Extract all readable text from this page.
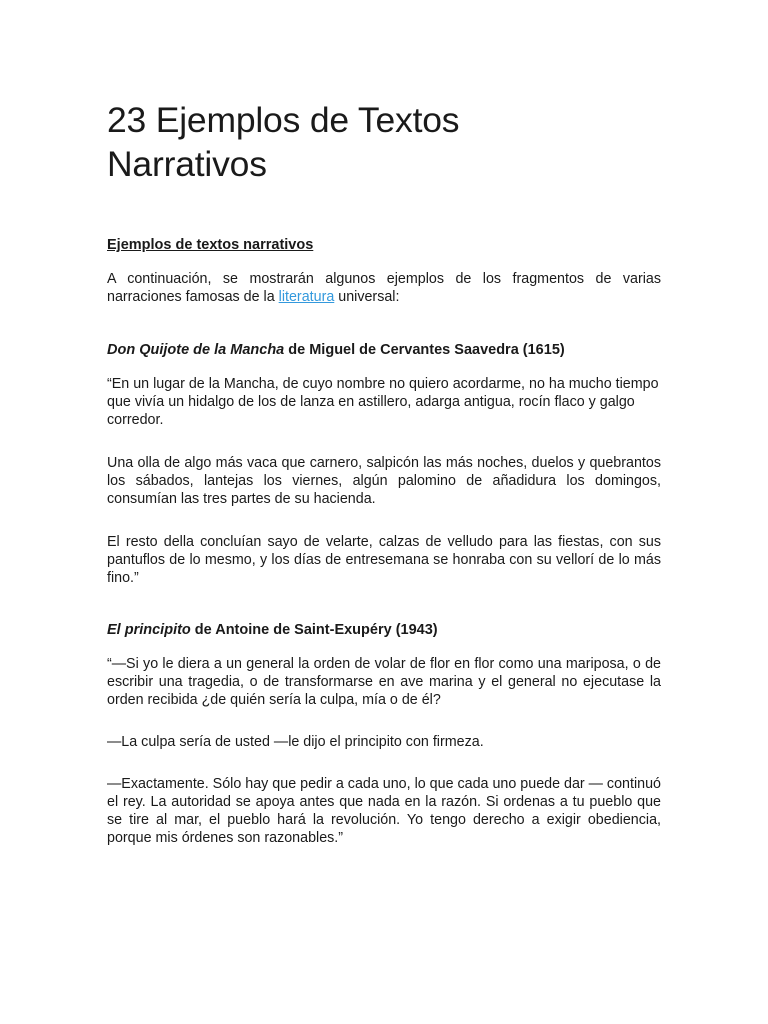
23 Ejemplos de Textos
Narrativos
Ejemplos de textos narrativos

A continuación, se mostrarán algunos ejemplos de los fragmentos de varias narraciones famosas de la literatura universal:

Don Quijote de la Mancha de Miguel de Cervantes Saavedra (1615)

“En un lugar de la Mancha, de cuyo nombre no quiero acordarme, no ha mucho tiempo que vivía un hidalgo de los de lanza en astillero, adarga antigua, rocín flaco y galgo corredor.

Una olla de algo más vaca que carnero, salpicón las más noches, duelos y quebrantos los sábados, lantejas los viernes, algún palomino de añadidura los domingos, consumían las tres partes de su hacienda.

El resto della concluían sayo de velarte, calzas de velludo para las fiestas, con sus pantuflos de lo mesmo, y los días de entresemana se honraba con su vellorí de lo más fino.”

El principito de Antoine de Saint-Exupéry (1943)

“—Si yo le diera a un general la orden de volar de flor en flor como una mariposa, o de escribir una tragedia, o de transformarse en ave marina y el general no ejecutase la orden recibida ¿de quién sería la culpa, mía o de él?

—La culpa sería de usted —le dijo el principito con firmeza.

—Exactamente. Sólo hay que pedir a cada uno, lo que cada uno puede dar — continuó el rey. La autoridad se apoya antes que nada en la razón. Si ordenas a tu pueblo que se tire al mar, el pueblo hará la revolución. Yo tengo derecho a exigir obediencia, porque mis órdenes son razonables.”
